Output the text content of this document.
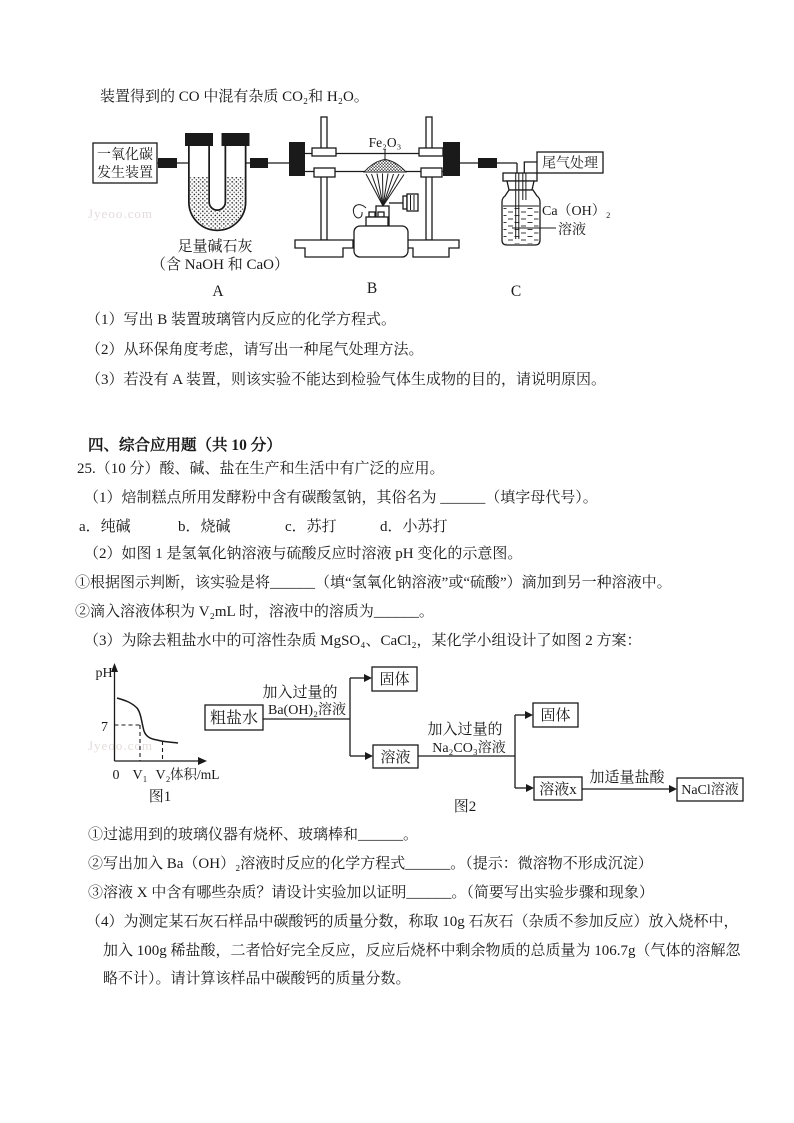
Jyeoo.com
Jyeoo.com
装置得到的 CO 中混有杂质 CO₂和 H₂O。
一氧化碳
发生装置
尾气处理
Fe₂O₃
足量碱石灰
（含 NaOH 和 CaO）
Ca（OH）₂
溶液
A	B	C
（1）写出 B 装置玻璃管内反应的化学方程式。
（2）从环保角度考虑，请写出一种尾气处理方法。
（3）若没有 A 装置，则该实验不能达到检验气体生成物的目的，请说明原因。
四、综合应用题（共 10 分）
25.（10 分）酸、碱、盐在生产和生活中有广泛的应用。
（1）焙制糕点所用发酵粉中含有碳酸氢钠，其俗名为 ______（填字母代号）。
a．纯碱	b．烧碱	c．苏打	d．小苏打
（2）如图 1 是氢氧化钠溶液与硫酸反应时溶液 pH 变化的示意图。
①根据图示判断，该实验是将______（填“氢氧化钠溶液”或“硫酸”）滴加到另一种溶液中。
②滴入溶液体积为 V₂mL 时，溶液中的溶质为______。
（3）为除去粗盐水中的可溶性杂质 MgSO₄、CaCl₂，某化学小组设计了如图 2 方案：
pH
7
0 V₁ V₂ 体积/mL
图1
粗盐水
固体
溶液
固体
溶液x	NaCl溶液
加入过量的
Ba(OH)₂溶液
加入过量的
Na₂CO₃溶液
加适量盐酸
图2
①过滤用到的玻璃仪器有烧杯、玻璃棒和______。
②写出加入 Ba（OH）₂溶液时反应的化学方程式______。（提示：微溶物不形成沉淀）
③溶液 X 中含有哪些杂质？请设计实验加以证明______。（简要写出实验步骤和现象）
（4）为测定某石灰石样品中碳酸钙的质量分数，称取 10g 石灰石（杂质不参加反应）放入烧杯中，
加入 100g 稀盐酸，二者恰好完全反应，反应后烧杯中剩余物质的总质量为 106.7g（气体的溶解忽
略不计）。请计算该样品中碳酸钙的质量分数。
